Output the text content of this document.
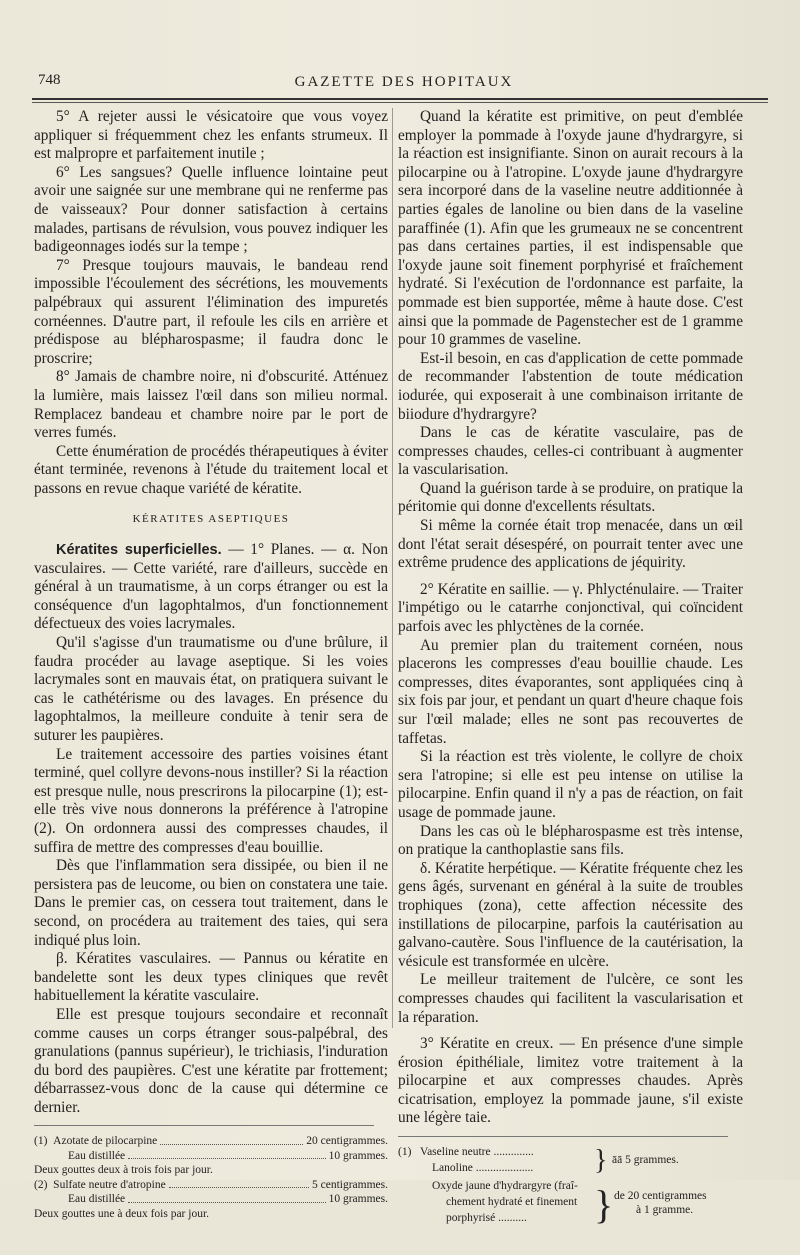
748	GAZETTE DES HOPITAUX

5° A rejeter aussi le vésicatoire que vous voyez appliquer si fréquemment chez les enfants strumeux. Il est malpropre et parfaitement inutile ;

6° Les sangsues? Quelle influence lointaine peut avoir une saignée sur une membrane qui ne renferme pas de vaisseaux? Pour donner satisfaction à certains malades, partisans de révulsion, vous pouvez indiquer les badigeonnages iodés sur la tempe ;

7° Presque toujours mauvais, le bandeau rend impossible l'écoulement des sécrétions, les mouvements palpébraux qui assurent l'élimination des impuretés cornéennes. D'autre part, il refoule les cils en arrière et prédispose au blépharospasme; il faudra donc le proscrire;

8° Jamais de chambre noire, ni d'obscurité. Atténuez la lumière, mais laissez l'œil dans son milieu normal. Remplacez bandeau et chambre noire par le port de verres fumés.

Cette énumération de procédés thérapeutiques à éviter étant terminée, revenons à l'étude du traitement local et passons en revue chaque variété de kératite.

KÉRATITES ASEPTIQUES

Kératites superficielles. — 1° Planes. — α. Non vasculaires. — Cette variété, rare d'ailleurs, succède en général à un traumatisme, à un corps étranger ou est la conséquence d'un lagophtalmos, d'un fonctionnement défectueux des voies lacrymales.

Qu'il s'agisse d'un traumatisme ou d'une brûlure, il faudra procéder au lavage aseptique. Si les voies lacrymales sont en mauvais état, on pratiquera suivant le cas le cathétérisme ou des lavages. En présence du lagophtalmos, la meilleure conduite à tenir sera de suturer les paupières.

Le traitement accessoire des parties voisines étant terminé, quel collyre devons-nous instiller? Si la réaction est presque nulle, nous prescrirons la pilocarpine (1); est-elle très vive nous donnerons la préférence à l'atropine (2). On ordonnera aussi des compresses chaudes, il suffira de mettre des compresses d'eau bouillie.

Dès que l'inflammation sera dissipée, ou bien il ne persistera pas de leucome, ou bien on constatera une taie. Dans le premier cas, on cessera tout traitement, dans le second, on procédera au traitement des taies, qui sera indiqué plus loin.

β. Kératites vasculaires. — Pannus ou kératite en bandelette sont les deux types cliniques que revêt habituellement la kératite vasculaire.

Elle est presque toujours secondaire et reconnaît comme causes un corps étranger sous-palpébral, des granulations (pannus supérieur), le trichiasis, l'induration du bord des paupières. C'est une kératite par frottement; débarrassez-vous donc de la cause qui détermine ce dernier.

(1) Azotate de pilocarpine	20 centigrammes.
Eau distillée	10 grammes.
Deux gouttes deux à trois fois par jour.
(2) Sulfate neutre d'atropine	5 centigrammes.
Eau distillée	10 grammes.
Deux gouttes une à deux fois par jour.

Quand la kératite est primitive, on peut d'emblée employer la pommade à l'oxyde jaune d'hydrargyre, si la réaction est insignifiante. Sinon on aurait recours à la pilocarpine ou à l'atropine. L'oxyde jaune d'hydrargyre sera incorporé dans de la vaseline neutre additionnée à parties égales de lanoline ou bien dans de la vaseline paraffinée (1). Afin que les grumeaux ne se concentrent pas dans certaines parties, il est indispensable que l'oxyde jaune soit finement porphyrisé et fraîchement hydraté. Si l'exécution de l'ordonnance est parfaite, la pommade est bien supportée, même à haute dose. C'est ainsi que la pommade de Pagenstecher est de 1 gramme pour 10 grammes de vaseline.

Est-il besoin, en cas d'application de cette pommade de recommander l'abstention de toute médication iodurée, qui exposerait à une combinaison irritante de biiodure d'hydrargyre?

Dans le cas de kératite vasculaire, pas de compresses chaudes, celles-ci contribuant à augmenter la vascularisation.

Quand la guérison tarde à se produire, on pratique la péritomie qui donne d'excellents résultats.

Si même la cornée était trop menacée, dans un œil dont l'état serait désespéré, on pourrait tenter avec une extrême prudence des applications de jéquirity.

2° Kératite en saillie. — γ. Phlycténulaire. — Traiter l'impétigo ou le catarrhe conjonctival, qui coïncident parfois avec les phlyctènes de la cornée.

Au premier plan du traitement cornéen, nous placerons les compresses d'eau bouillie chaude. Les compresses, dites évaporantes, sont appliquées cinq à six fois par jour, et pendant un quart d'heure chaque fois sur l'œil malade; elles ne sont pas recouvertes de taffetas.

Si la réaction est très violente, le collyre de choix sera l'atropine; si elle est peu intense on utilise la pilocarpine. Enfin quand il n'y a pas de réaction, on fait usage de pommade jaune.

Dans les cas où le blépharospasme est très intense, on pratique la canthoplastie sans fils.

δ. Kératite herpétique. — Kératite fréquente chez les gens âgés, survenant en général à la suite de troubles trophiques (zona), cette affection nécessite des instillations de pilocarpine, parfois la cautérisation au galvano-cautère. Sous l'influence de la cautérisation, la vésicule est transformée en ulcère.

Le meilleur traitement de l'ulcère, ce sont les compresses chaudes qui facilitent la vascularisation et la réparation.

3° Kératite en creux. — En présence d'une simple érosion épithéliale, limitez votre traitement à la pilocarpine et aux compresses chaudes. Après cicatrisation, employez la pommade jaune, s'il existe une légère taie.

(1) Vaseline neutre ..............
Lanoline .................... } āā 5 grammes.
Oxyde jaune d'hydrargyre (fraî-
chement hydraté et finement
porphyrisé .......... } de 20 centigrammes
à 1 gramme.
